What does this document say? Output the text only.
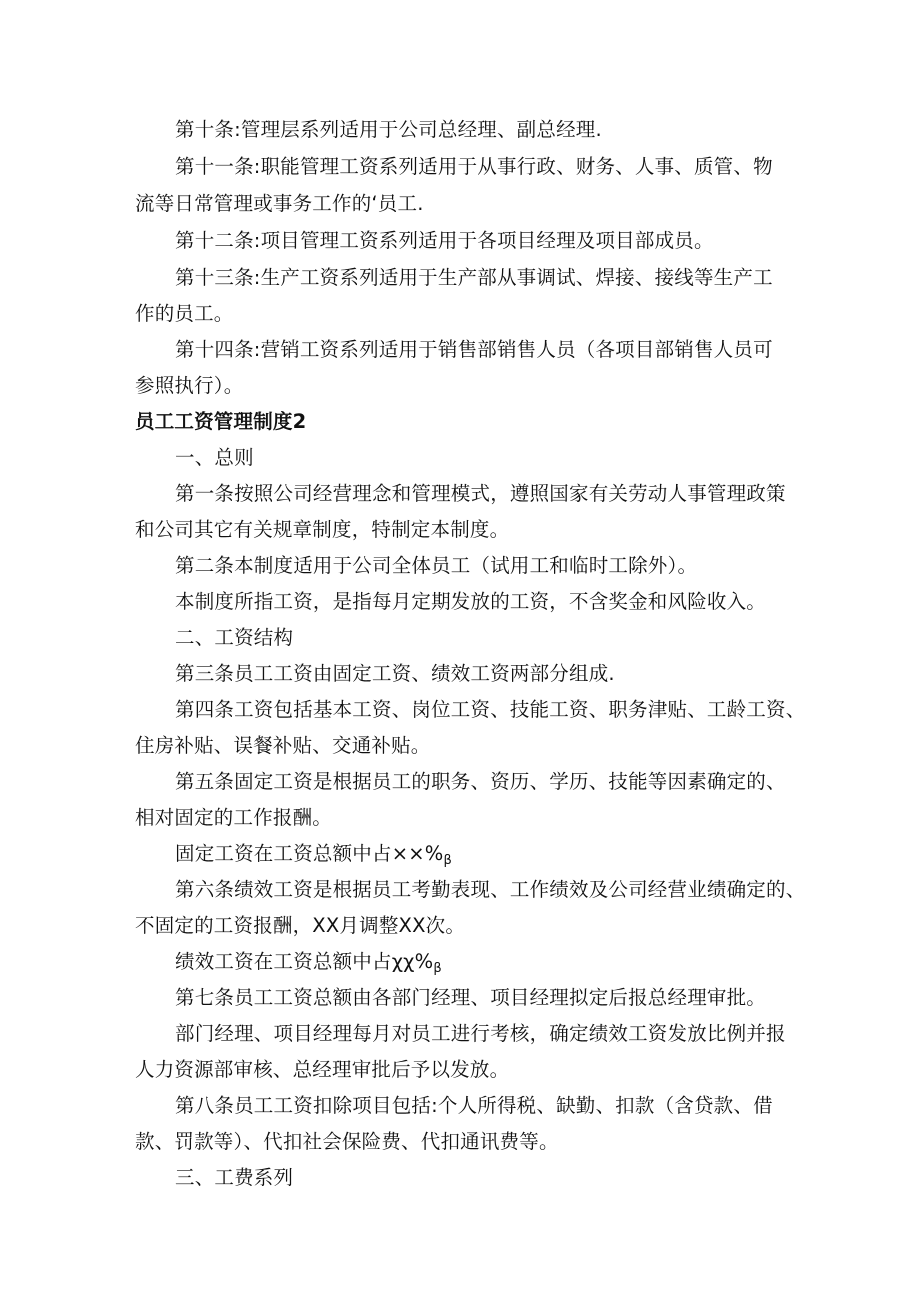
第十条:管理层系列适用于公司总经理、副总经理.
第十一条:职能管理工资系列适用于从事行政、财务、人事、质管、物
流等日常管理或事务工作的‘员工.
第十二条:项目管理工资系列适用于各项目经理及项目部成员。
第十三条:生产工资系列适用于生产部从事调试、焊接、接线等生产工
作的员工。
第十四条:营销工资系列适用于销售部销售人员（各项目部销售人员可
参照执行）。
员工工资管理制度2
一、总则
第一条按照公司经营理念和管理模式，遵照国家有关劳动人事管理政策
和公司其它有关规章制度，特制定本制度。
第二条本制度适用于公司全体员工（试用工和临时工除外）。
本制度所指工资，是指每月定期发放的工资，不含奖金和风险收入。
二、工资结构
第三条员工工资由固定工资、绩效工资两部分组成.
第四条工资包括基本工资、岗位工资、技能工资、职务津贴、工龄工资、
住房补贴、误餐补贴、交通补贴。
第五条固定工资是根据员工的职务、资历、学历、技能等因素确定的、
相对固定的工作报酬。
固定工资在工资总额中占$\times\times\%_\beta$
第六条绩效工资是根据员工考勤表现、工作绩效及公司经营业绩确定的、
不固定的工资报酬，XX月调整XX次。
绩效工资在工资总额中占$\chi\chi\%_\beta$
第七条员工工资总额由各部门经理、项目经理拟定后报总经理审批。
部门经理、项目经理每月对员工进行考核，确定绩效工资发放比例并报
人力资源部审核、总经理审批后予以发放。
第八条员工工资扣除项目包括:个人所得税、缺勤、扣款（含贷款、借
款、罚款等）、代扣社会保险费、代扣通讯费等。
三、工费系列
